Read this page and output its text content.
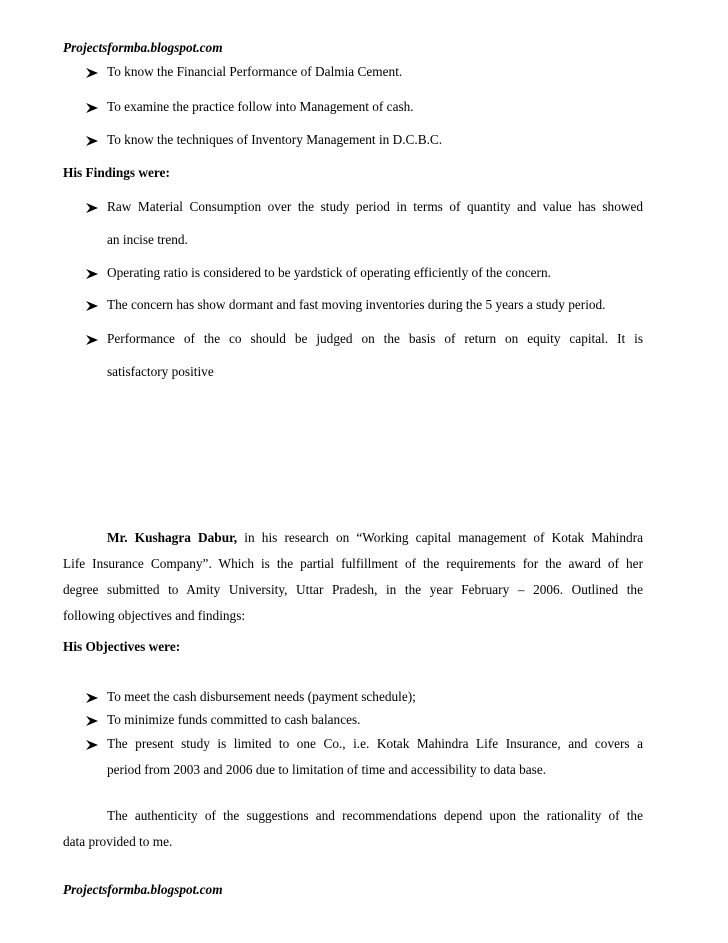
Projectsformba.blogspot.com
To know the Financial Performance of Dalmia Cement.
To examine the practice follow into Management of cash.
To know the techniques of Inventory Management in D.C.B.C.
His Findings were:
Raw Material Consumption over the study period in terms of quantity and value has showed
an incise trend.
Operating ratio is considered to be yardstick of operating efficiently of the concern.
The concern has show dormant and fast moving inventories during the 5 years a study period.
Performance of the co should be judged on the basis of return on equity capital. It is
satisfactory positive
Mr. Kushagra Dabur, in his research on “Working capital management of Kotak Mahindra
Life Insurance Company”. Which is the partial fulfillment of the requirements for the award of her
degree submitted to Amity University, Uttar Pradesh, in the year February – 2006. Outlined the
following objectives and findings:
His Objectives were:
To meet the cash disbursement needs (payment schedule);
To minimize funds committed to cash balances.
The present study is limited to one Co., i.e. Kotak Mahindra Life Insurance, and covers a
period from 2003 and 2006 due to limitation of time and accessibility to data base.
The authenticity of the suggestions and recommendations depend upon the rationality of the
data provided to me.
Projectsformba.blogspot.com
